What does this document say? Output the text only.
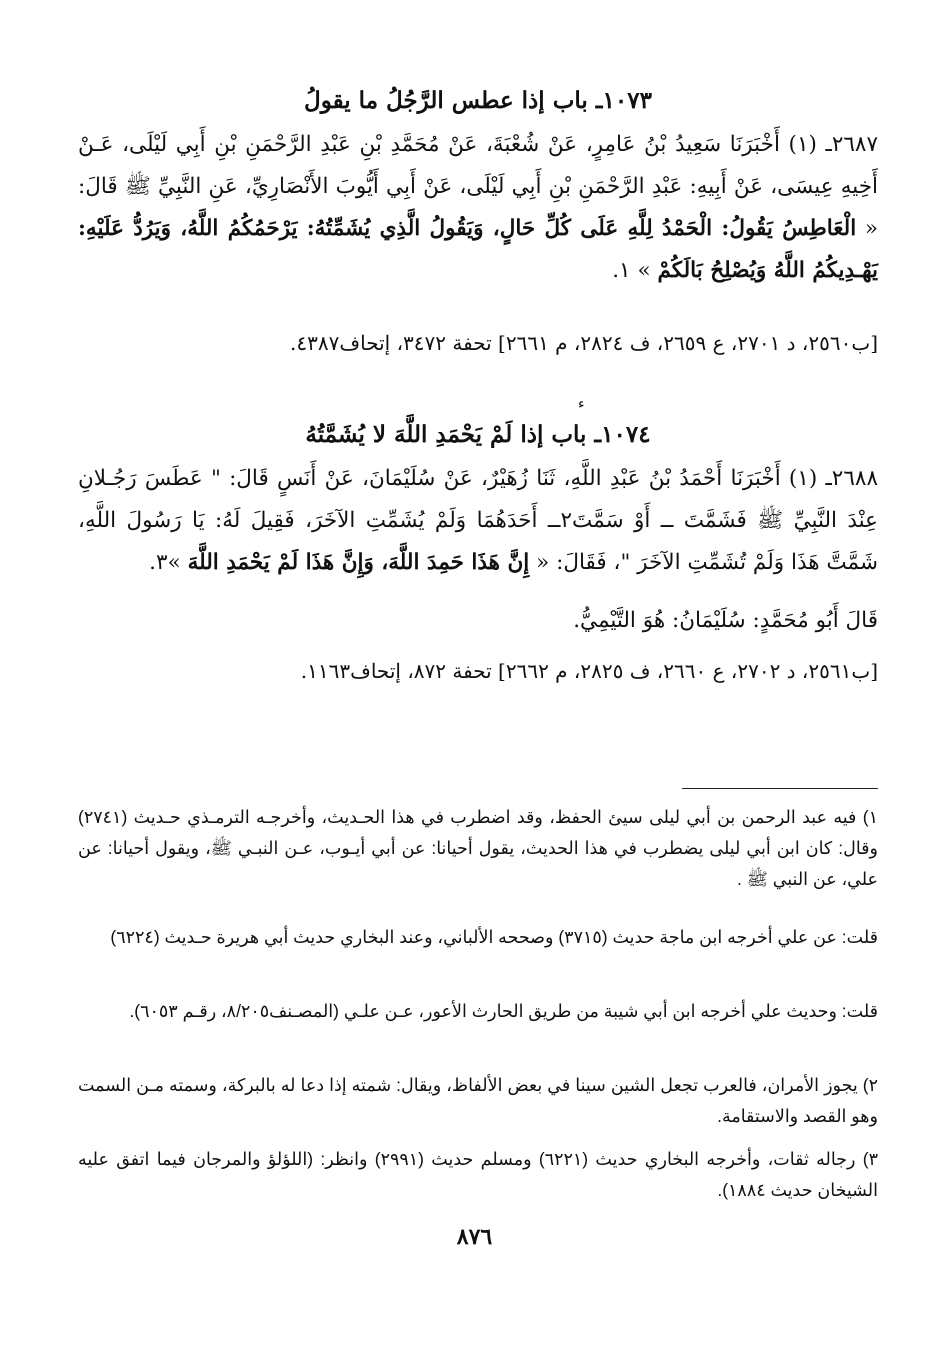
١٠٧٣ـ باب إذا عطس الرَّجُلُ ما يقولُ
٢٦٨٧ـ (١) أَخْبَرَنَا سَعِيدُ بْنُ عَامِرٍ، عَنْ شُعْبَةَ، عَنْ مُحَمَّدِ بْنِ عَبْدِ الرَّحْمَنِ بْنِ أَبِي لَيْلَى، عَـنْ أَخِيهِ عِيسَى، عَنْ أَبِيهِ: عَبْدِ الرَّحْمَنِ بْنِ أَبِي لَيْلَى، عَنْ أَبِي أَيُّوبَ الأَنْصَارِيِّ، عَنِ النَّبِيِّ ﷺ قَالَ: « الْعَاطِسُ يَقُولُ: الْحَمْدُ لِلَّهِ عَلَى كُلِّ حَالٍ، وَيَقُولُ الَّذِي يُشَمِّتُهُ: يَرْحَمُكُمُ اللَّهُ، وَيَرُدُّ عَلَيْهِ: يَهْـدِيكُمُ اللَّهُ وَيُصْلِحُ بَالَكُمْ » ١.
[ب٢٥٦٠، د ٢٧٠١، ع ٢٦٥٩، ف ٢٨٢٤، م ٢٦٦١] تحفة ٣٤٧٢، إتحاف٤٣٨٧.
ء
١٠٧٤ـ باب إذا لَمْ يَحْمَدِ اللَّهَ لا يُشَمَّتُهُ
٢٦٨٨ـ (١) أَخْبَرَنَا أَحْمَدُ بْنُ عَبْدِ اللَّهِ، ثَنَا زُهَيْرٌ، عَنْ سُلَيْمَانَ، عَنْ أَنَسٍ قَالَ: " عَطَسَ رَجُـلانِ عِنْدَ النَّبِيِّ ﷺ فَشَمَّتَ ــ أَوْ سَمَّتَ٢ــ أَحَدَهُمَا وَلَمْ يُشَمِّتِ الآخَرَ، فَقِيلَ لَهُ: يَا رَسُولَ اللَّهِ، شَمَّتَّ هَذَا وَلَمْ تُشَمِّتِ الآخَرَ "، فَقَالَ: « إِنَّ هَذَا حَمِدَ اللَّهَ، وَإِنَّ هَذَا لَمْ يَحْمَدِ اللَّهَ »٣.
قَالَ أَبُو مُحَمَّدٍ: سُلَيْمَانُ: هُوَ التَّيْمِيُّ.
[ب٢٥٦١، د ٢٧٠٢، ع ٢٦٦٠، ف ٢٨٢٥، م ٢٦٦٢] تحفة ٨٧٢، إتحاف١١٦٣.
١) فيه عبد الرحمن بن أبي ليلى سيئ الحفظ، وقد اضطرب في هذا الحـديث، وأخرجـه الترمـذي حـديث (٢٧٤١) وقال: كان ابن أبي ليلى يضطرب في هذا الحديث، يقول أحيانا: عن أبي أيـوب، عـن النبـي ﷺ، ويقول أحيانا: عن علي، عن النبي ﷺ .
قلت: عن علي أخرجه ابن ماجة حديث (٣٧١٥) وصححه الألباني، وعند البخاري حديث أبي هريرة حـديث (٦٢٢٤)
قلت: وحديث علي أخرجه ابن أبي شيبة من طريق الحارث الأعور، عـن علـي (المصـنف٨/٢٠٥، رقـم ٦٠٥٣).
٢) يجوز الأمران، فالعرب تجعل الشين سينا في بعض الألفاظ، ويقال: شمته إذا دعا له بالبركة، وسمته مـن السمت وهو القصد والاستقامة.
٣) رجاله ثقات، وأخرجه البخاري حديث (٦٢٢١) ومسلم حديث (٢٩٩١) وانظر: (اللؤلؤ والمرجان فيما اتفق عليه الشيخان حديث ١٨٨٤).
٨٧٦
